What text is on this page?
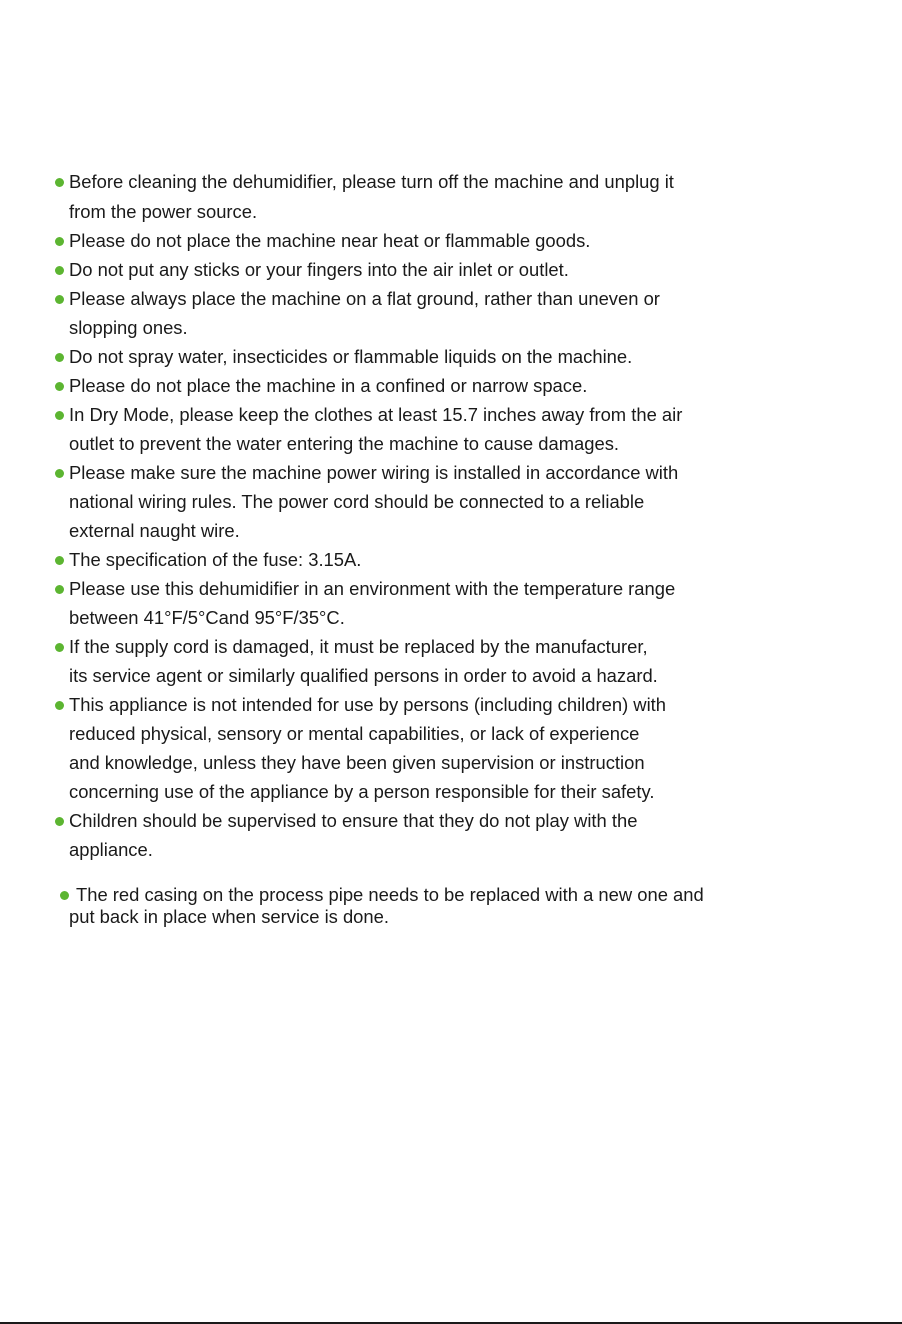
Before cleaning the dehumidifier, please turn off the machine and unplug it
from the power source.
Please do not place the machine near heat or flammable goods.
Do not put any sticks or your fingers into the air inlet or outlet.
Please always place the machine on a flat ground, rather than uneven or
slopping ones.
Do not spray water, insecticides or flammable liquids on the machine.
Please do not place the machine in a confined or narrow space.
In Dry Mode, please keep the clothes at least 15.7 inches away from the air
outlet to prevent the water entering the machine to cause damages.
Please make sure the machine power wiring is installed in accordance with
national wiring rules. The power cord should be connected to a reliable
external naught wire.
The specification of the fuse: 3.15A.
Please use this dehumidifier in an environment with the temperature range
between 41°F/5°Cand 95°F/35°C.
If the supply cord is damaged, it must be replaced by the manufacturer,
its service agent or similarly qualified persons in order to avoid a hazard.
This appliance is not intended for use by persons (including children) with
reduced physical, sensory or mental capabilities, or lack of experience
and knowledge, unless they have been given supervision or instruction
concerning use of the appliance by a person responsible for their safety.
Children should be supervised to ensure that they do not play with the
appliance.
The red casing on the process pipe needs to be replaced with a new one and
put back in place when service is done.
